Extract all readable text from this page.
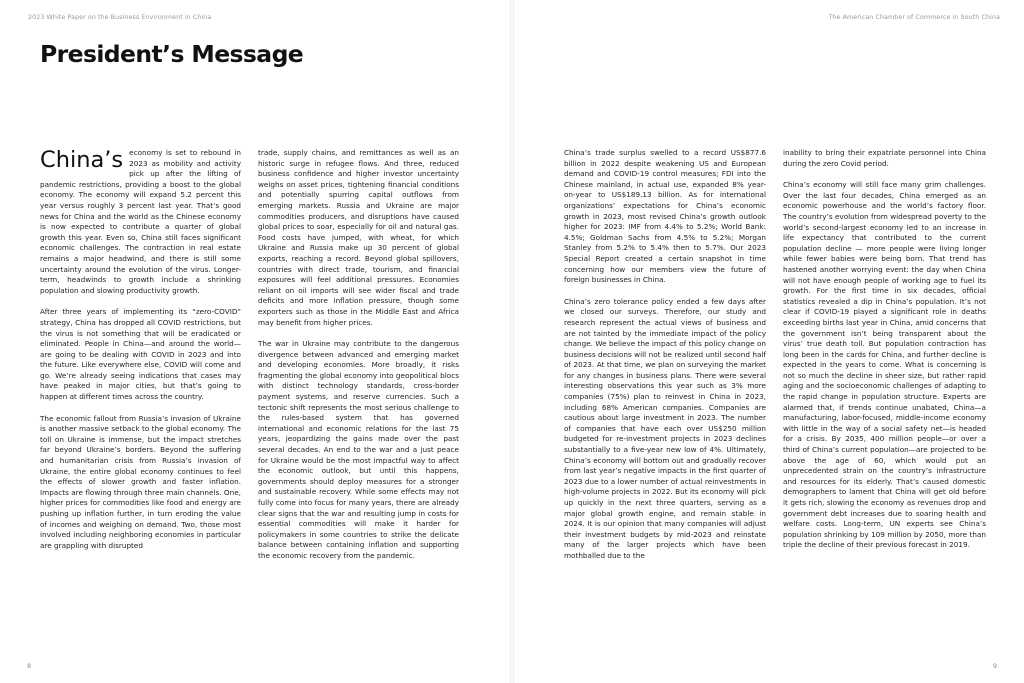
2023 White Paper on the Business Environment in China
President’s Message

China’s economy is set to rebound in 2023 as mobility and activity pick up after the lifting of pandemic restrictions, providing a boost to the global economy. The economy will expand 5.2 percent this year versus roughly 3 percent last year. That’s good news for China and the world as the Chinese economy is now expected to contribute a quarter of global growth this year. Even so, China still faces significant economic challenges. The contraction in real estate remains a major headwind, and there is still some uncertainty around the evolution of the virus. Longer-term, headwinds to growth include a shrinking population and slowing productivity growth.

After three years of implementing its “zero-COVID” strategy, China has dropped all COVID restrictions, but the virus is not something that will be eradicated or eliminated. People in China—and around the world—are going to be dealing with COVID in 2023 and into the future. Like everywhere else, COVID will come and go. We’re already seeing indications that cases may have peaked in major cities, but that’s going to happen at different times across the country.

The economic fallout from Russia’s invasion of Ukraine is another massive setback to the global economy. The toll on Ukraine is immense, but the impact stretches far beyond Ukraine’s borders. Beyond the suffering and humanitarian crisis from Russia’s invasion of Ukraine, the entire global economy continues to feel the effects of slower growth and faster inflation. Impacts are flowing through three main channels. One, higher prices for commodities like food and energy are pushing up inflation further, in turn eroding the value of incomes and weighing on demand. Two, those most involved including neighboring economies in particular are grappling with disrupted

trade, supply chains, and remittances as well as an historic surge in refugee flows. And three, reduced business confidence and higher investor uncertainty weighs on asset prices, tightening financial conditions and potentially spurring capital outflows from emerging markets. Russia and Ukraine are major commodities producers, and disruptions have caused global prices to soar, especially for oil and natural gas. Food costs have jumped, with wheat, for which Ukraine and Russia make up 30 percent of global exports, reaching a record. Beyond global spillovers, countries with direct trade, tourism, and financial exposures will feel additional pressures. Economies reliant on oil imports will see wider fiscal and trade deficits and more inflation pressure, though some exporters such as those in the Middle East and Africa may benefit from higher prices.

The war in Ukraine may contribute to the dangerous divergence between advanced and emerging market and developing economies. More broadly, it risks fragmenting the global economy into geopolitical blocs with distinct technology standards, cross-border payment systems, and reserve currencies. Such a tectonic shift represents the most serious challenge to the rules-based system that has governed international and economic relations for the last 75 years, jeopardizing the gains made over the past several decades. An end to the war and a just peace for Ukraine would be the most impactful way to affect the economic outlook, but until this happens, governments should deploy measures for a stronger and sustainable recovery. While some effects may not fully come into focus for many years, there are already clear signs that the war and resulting jump in costs for essential commodities will make it harder for policymakers in some countries to strike the delicate balance between containing inflation and supporting the economic recovery from the pandemic.

8
The American Chamber of Commerce in South China

China’s trade surplus swelled to a record US$877.6 billion in 2022 despite weakening US and European demand and COVID-19 control measures; FDI into the Chinese mainland, in actual use, expanded 8% year-on-year to US$189.13 billion. As for international organizations’ expectations for China’s economic growth in 2023, most revised China’s growth outlook higher for 2023: IMF from 4.4% to 5.2%; World Bank: 4.5%; Goldman Sachs from 4.5% to 5.2%; Morgan Stanley from 5.2% to 5.4% then to 5.7%. Our 2023 Special Report created a certain snapshot in time concerning how our members view the future of foreign businesses in China.

China’s zero tolerance policy ended a few days after we closed our surveys. Therefore, our study and research represent the actual views of business and are not tainted by the immediate impact of the policy change. We believe the impact of this policy change on business decisions will not be realized until second half of 2023. At that time, we plan on surveying the market for any changes in business plans. There were several interesting observations this year such as 3% more companies (75%) plan to reinvest in China in 2023, including 68% American companies. Companies are cautious about large investment in 2023. The number of companies that have each over US$250 million budgeted for re-investment projects in 2023 declines substantially to a five-year new low of 4%. Ultimately, China’s economy will bottom out and gradually recover from last year’s negative impacts in the first quarter of 2023 due to a lower number of actual reinvestments in high-volume projects in 2022. But its economy will pick up quickly in the next three quarters, serving as a major global growth engine, and remain stable in 2024. It is our opinion that many companies will adjust their investment budgets by mid-2023 and reinstate many of the larger projects which have been mothballed due to the

inability to bring their expatriate personnel into China during the zero Covid period.

China’s economy will still face many grim challenges. Over the last four decades, China emerged as an economic powerhouse and the world’s factory floor. The country’s evolution from widespread poverty to the world’s second-largest economy led to an increase in life expectancy that contributed to the current population decline — more people were living longer while fewer babies were being born. That trend has hastened another worrying event: the day when China will not have enough people of working age to fuel its growth. For the first time in six decades, official statistics revealed a dip in China’s population. It’s not clear if COVID-19 played a significant role in deaths exceeding births last year in China, amid concerns that the government isn’t being transparent about the virus’ true death toll. But population contraction has long been in the cards for China, and further decline is expected in the years to come. What is concerning is not so much the decline in sheer size, but rather rapid aging and the socioeconomic challenges of adapting to the rapid change in population structure. Experts are alarmed that, if trends continue unabated, China—a manufacturing, labor-focused, middle-income economy with little in the way of a social safety net—is headed for a crisis. By 2035, 400 million people—or over a third of China’s current population—are projected to be above the age of 60, which would put an unprecedented strain on the country’s infrastructure and resources for its elderly. That’s caused domestic demographers to lament that China will get old before it gets rich, slowing the economy as revenues drop and government debt increases due to soaring health and welfare costs. Long-term, UN experts see China’s population shrinking by 109 million by 2050, more than triple the decline of their previous forecast in 2019.

9
